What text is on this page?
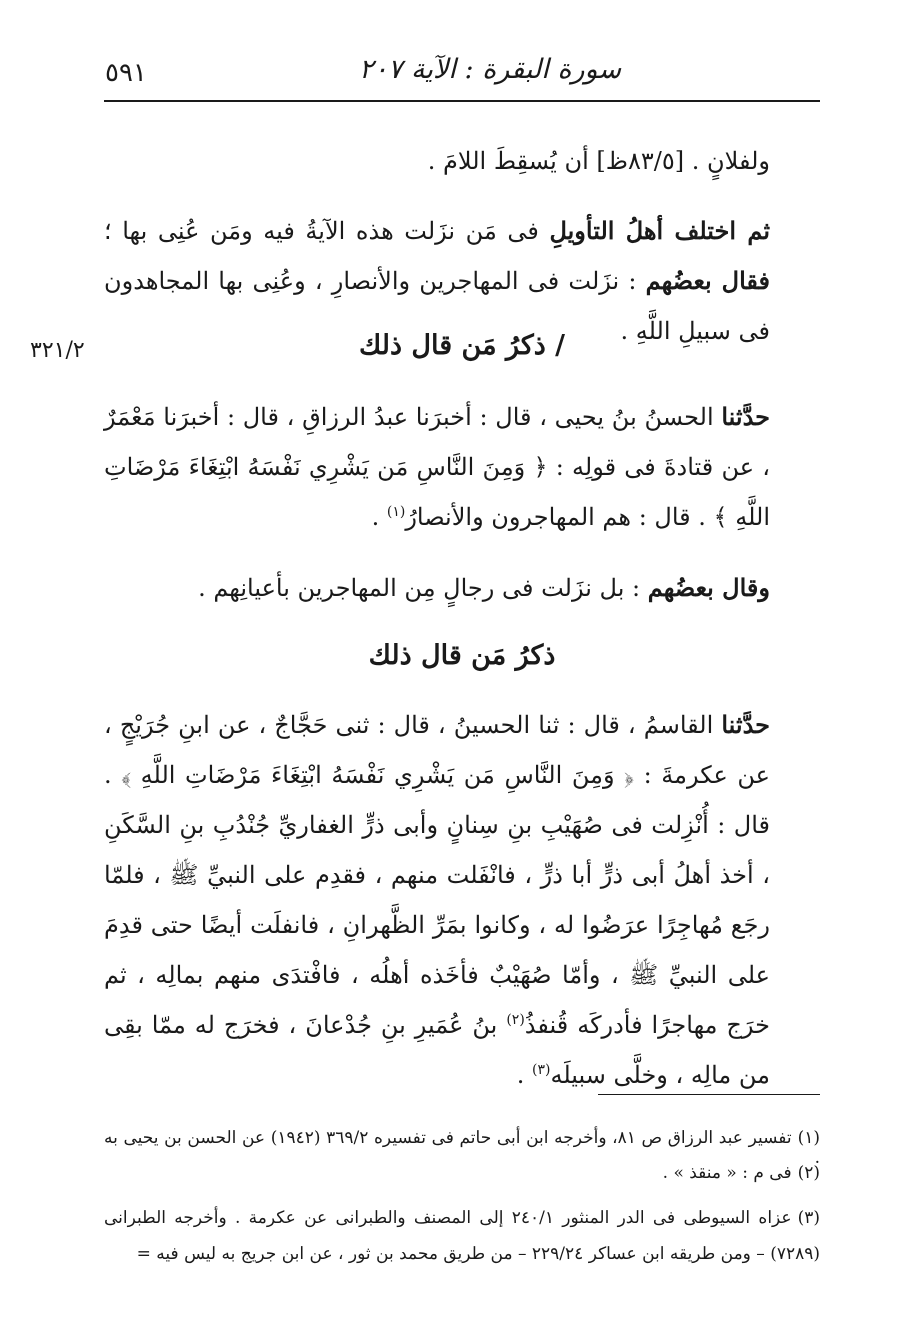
سورة البقرة : الآية ٢٠٧
٥٩١

ولفلانٍ . [٨٣/٥ظ] أن يُسقِطَ اللامَ .

ثم اختلف أهلُ التأويلِ فى مَن نزَلت هذه الآيةُ فيه ومَن عُنِى بها ؛ فقال بعضُهم : نزَلت فى المهاجرين والأنصارِ ، وعُنِى بها المجاهدون فى سبيلِ اللَّهِ .

/ ذكرُ مَن قال ذلك
٣٢١/٢

حدَّثنا الحسنُ بنُ يحيى ، قال : أخبرَنا عبدُ الرزاقِ ، قال : أخبرَنا مَعْمَرٌ ، عن قتادةَ فى قولِه : ﴿ وَمِنَ النَّاسِ مَن يَشْرِي نَفْسَهُ ابْتِغَاءَ مَرْضَاتِ اللَّهِ ﴾ . قال : هم المهاجرون والأنصارُ$^{(١)}$ .

وقال بعضُهم : بل نزَلت فى رجالٍ مِن المهاجرين بأعيانِهم .

ذكرُ مَن قال ذلك

حدَّثنا القاسمُ ، قال : ثنا الحسينُ ، قال : ثنى حَجَّاجٌ ، عن ابنِ جُرَيْجٍ ، عن عكرمةَ : ﴿ وَمِنَ النَّاسِ مَن يَشْرِي نَفْسَهُ ابْتِغَاءَ مَرْضَاتِ اللَّهِ ﴾ . قال : أُنْزِلت فى صُهَيْبِ بنِ سِنانٍ وأبى ذرٍّ الغفاريِّ جُنْدُبِ بنِ السَّكَنِ ، أخذ أهلُ أبى ذرٍّ أبا ذرٍّ ، فانْفَلت منهم ، فقدِم على النبيِّ ﷺ ، فلمّا رجَع مُهاجِرًا عرَضُوا له ، وكانوا بمَرِّ الظَّهرانِ ، فانفلَت أيضًا حتى قدِمَ على النبيِّ ﷺ ، وأمّا صُهَيْبٌ فأخَذه أهلُه ، فافْتدَى منهم بمالِه ، ثم خرَج مهاجرًا فأدركَه قُنفذُ$^{(٢)}$ بنُ عُمَيرِ بنِ جُدْعانَ ، فخرَج له ممّا بقِى من مالِه ، وخلَّى سبيلَه$^{(٣)}$ .

(١)تفسير عبد الرزاق ص ٨١، وأخرجه ابن أبى حاتم فى تفسيره ٣٦٩/٢ (١٩٤٢) عن الحسن بن يحيى به .
(٢)فى م : « منقذ » .
(٣)عزاه السيوطى فى الدر المنثور ٢٤٠/١ إلى المصنف والطبرانى عن عكرمة . وأخرجه الطبرانى (٧٢٨٩) – ومن طريقه ابن عساكر ٢٢٩/٢٤ – من طريق محمد بن ثور ، عن ابن جريج به ليس فيه =
